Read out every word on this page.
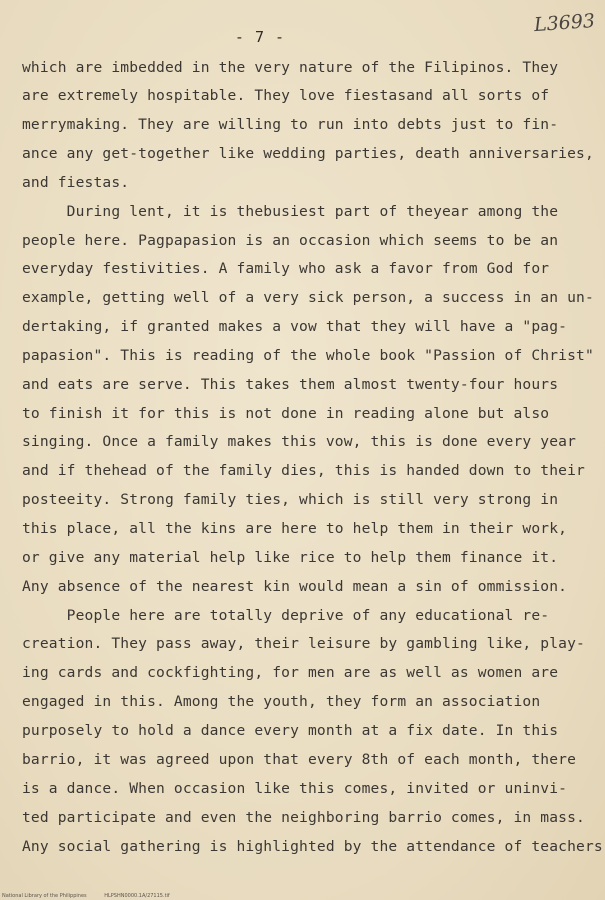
- 7 -
L3693
which are imbedded in the very nature of the Filipinos. They
are extremely hospitable. They love fiestasand all sorts of
merrymaking. They are willing to run into debts just to fin-
ance any get-together like wedding parties, death anniversaries,
and fiestas.
During lent, it is thebusiest part of theyear among the
people here. Pagpapasion is an occasion which seems to be an
everyday festivities. A family who ask a favor from God for
example, getting well of a very sick person, a success in an un-
dertaking, if granted makes a vow that they will have a "pag-
papasion". This is reading of the whole book "Passion of Christ"
and eats are serve. This takes them almost twenty-four hours
to finish it for this is not done in reading alone but also
singing. Once a family makes this vow, this is done every year
and if thehead of the family dies, this is handed down to their
posteeity. Strong family ties, which is still very strong in
this place, all the kins are here to help them in their work,
or give any material help like rice to help them finance it.
Any absence of the nearest kin would mean a sin of ommission.
People here are totally deprive of any educational re-
creation. They pass away, their leisure by gambling like, play-
ing cards and cockfighting, for men are as well as women are
engaged in this. Among the youth, they form an association
purposely to hold a dance every month at a fix date. In this
barrio, it was agreed upon that every 8th of each month, there
is a dance. When occasion like this comes, invited or uninvi-
ted participate and even the neighboring barrio comes, in mass.
Any social gathering is highlighted by the attendance of teachers
National Library of the Philippines	HLPSHN0000.1A/27115.tif
